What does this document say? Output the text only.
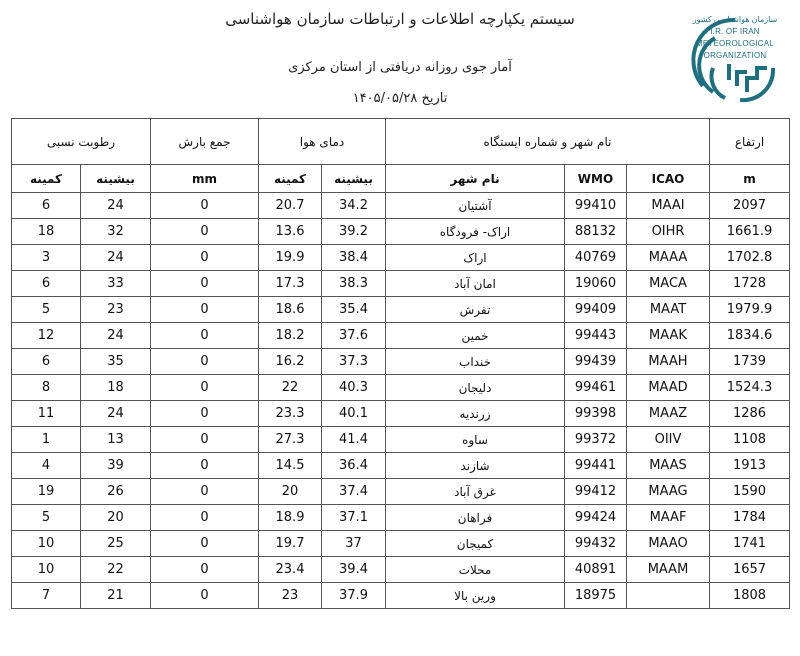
سیستم یکپارچه اطلاعات و ارتباطات سازمان هواشناسی
آمار جوی روزانه دریافتی از استان مرکزی
تاریخ ۱۴۰۵/۰۵/۲۸
سازمان هواشناسی کشور
I.R. OF IRAN
METEOROLOGICAL
ORGANIZATION
رطوبت نسبی		جمع بارش	دمای هوا		نام شهر و شماره ایستگاه			ارتفاع
کمینه	بیشینه	mm	کمینه	بیشینه	نام شهر	WMO	ICAO	m
6	24	0	20.7	34.2	آشتیان	99410	MAAI	2097
18	32	0	13.6	39.2	اراک- فرودگاه	88132	OIHR	1661.9
3	24	0	19.9	38.4	اراک	40769	MAAA	1702.8
6	33	0	17.3	38.3	امان آباد	19060	MACA	1728
5	23	0	18.6	35.4	تفرش	99409	MAAT	1979.9
12	24	0	18.2	37.6	خمین	99443	MAAK	1834.6
6	35	0	16.2	37.3	خنداب	99439	MAAH	1739
8	18	0	22	40.3	دلیجان	99461	MAAD	1524.3
11	24	0	23.3	40.1	زرندیه	99398	MAAZ	1286
1	13	0	27.3	41.4	ساوه	99372	OIIV	1108
4	39	0	14.5	36.4	شازند	99441	MAAS	1913
19	26	0	20	37.4	غرق آباد	99412	MAAG	1590
5	20	0	18.9	37.1	فراهان	99424	MAAF	1784
10	25	0	19.7	37	کمیجان	99432	MAAO	1741
10	22	0	23.4	39.4	محلات	40891	MAAM	1657
7	21	0	23	37.9	ورین بالا	18975		1808
